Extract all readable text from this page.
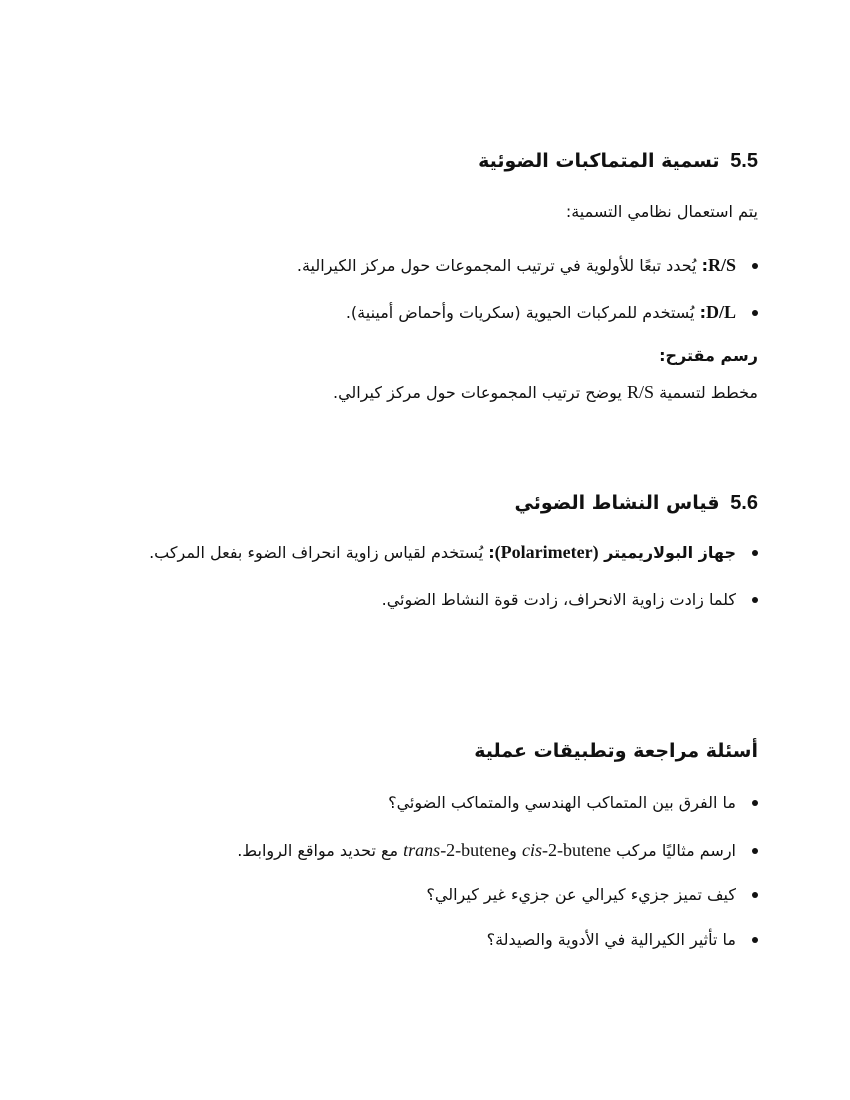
5.5 تسمية المتماكبات الضوئية

يتم استعمال نظامي التسمية:

R/S: يُحدد تبعًا للأولوية في ترتيب المجموعات حول مركز الكيرالية.
D/L: يُستخدم للمركبات الحيوية (سكريات وأحماض أمينية).

رسم مقترح:

مخطط لتسمية R/S يوضح ترتيب المجموعات حول مركز كيرالي.

5.6 قياس النشاط الضوئي
جهاز البولاريميتر (Polarimeter): يُستخدم لقياس زاوية انحراف الضوء بفعل المركب.
كلما زادت زاوية الانحراف، زادت قوة النشاط الضوئي.
أسئلة مراجعة وتطبيقات عملية
ما الفرق بين المتماكب الهندسي والمتماكب الضوئي؟
ارسم مثاليًا مركب cis-2-butene وtrans-2-butene مع تحديد مواقع الروابط.
كيف تميز جزيء كيرالي عن جزيء غير كيرالي؟
ما تأثير الكيرالية في الأدوية والصيدلة؟
